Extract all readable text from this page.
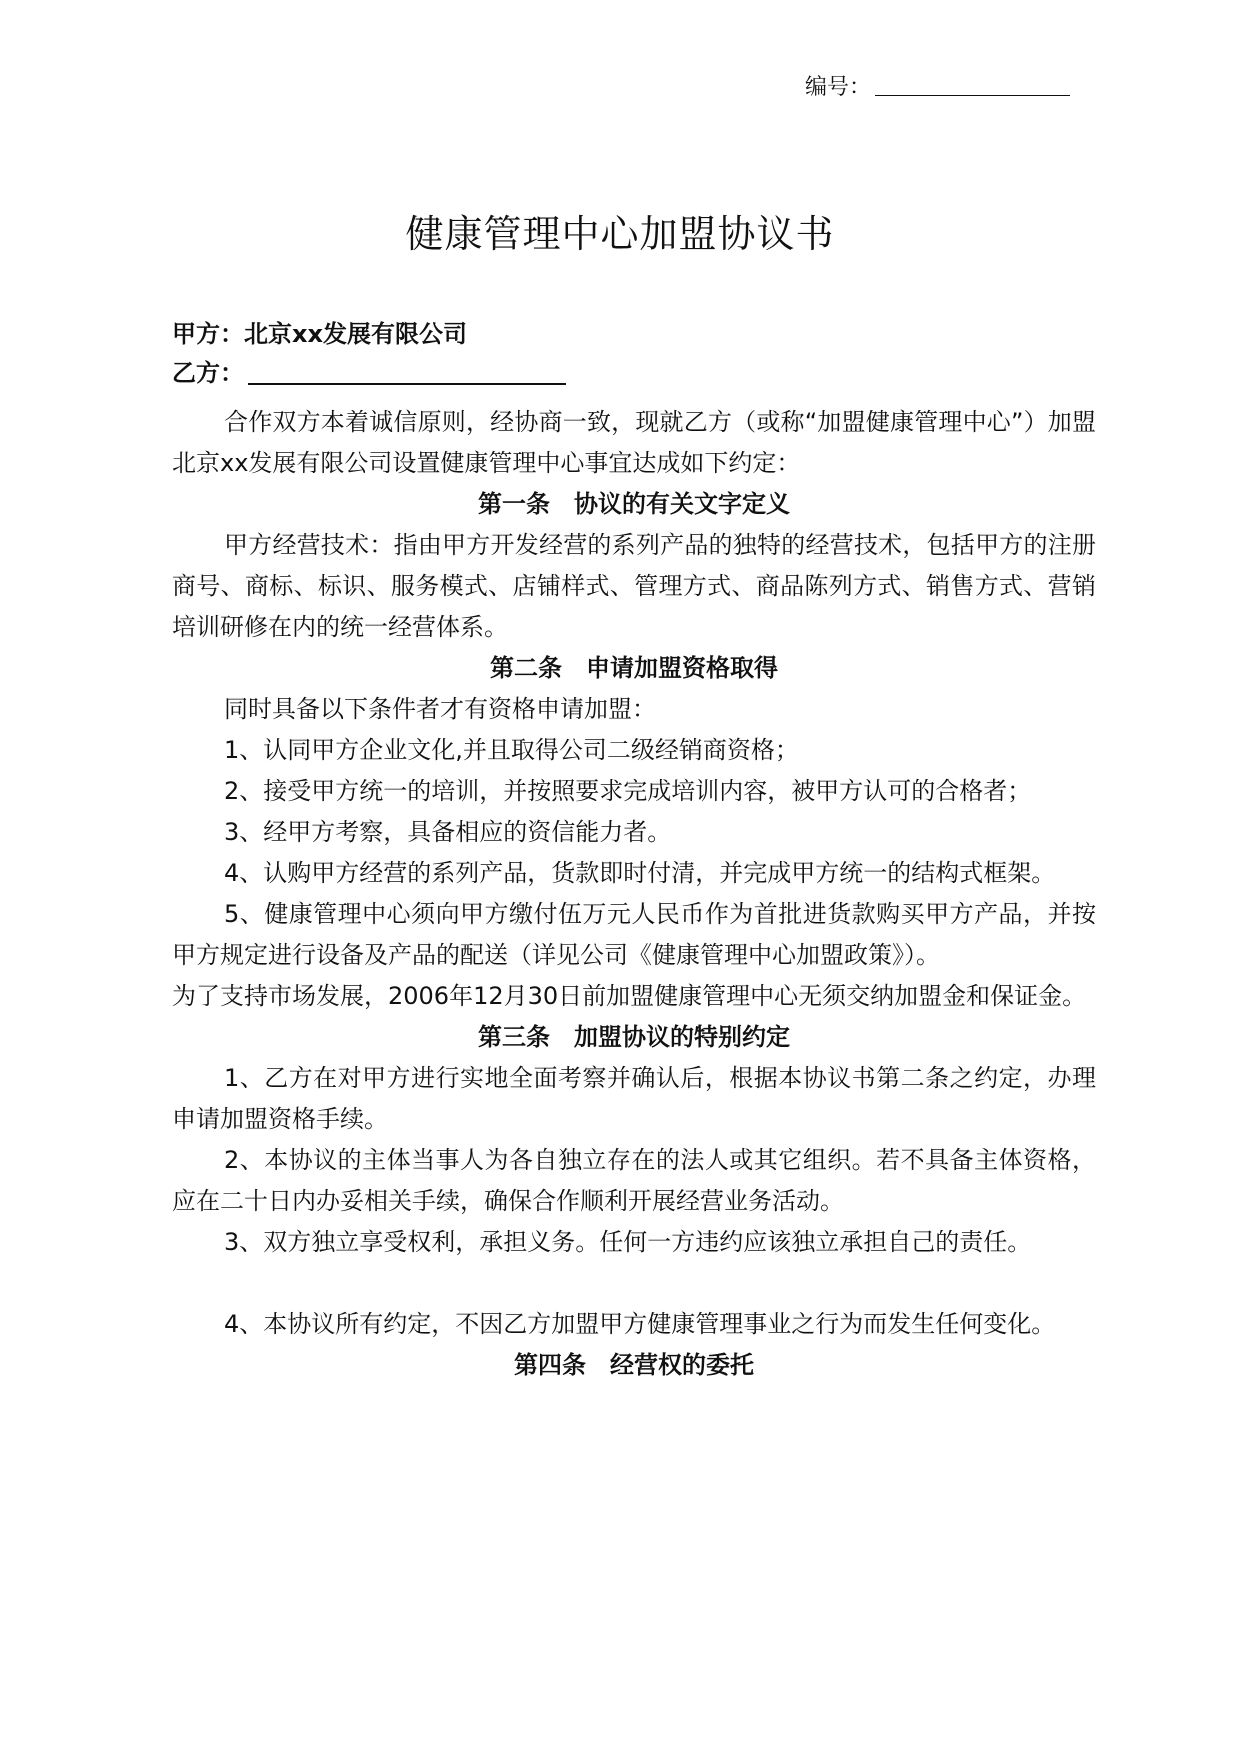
编号：
健康管理中心加盟协议书
甲方：北京xx发展有限公司
乙方：

合作双方本着诚信原则，经协商一致，现就乙方（或称“加盟健康管理中心”）加盟北京xx发展有限公司设置健康管理中心事宜达成如下约定：

第一条　协议的有关文字定义

甲方经营技术：指由甲方开发经营的系列产品的独特的经营技术，包括甲方的注册商号、商标、标识、服务模式、店铺样式、管理方式、商品陈列方式、销售方式、营销培训研修在内的统一经营体系。

第二条　申请加盟资格取得

同时具备以下条件者才有资格申请加盟：

1、认同甲方企业文化,并且取得公司二级经销商资格；

2、接受甲方统一的培训，并按照要求完成培训内容，被甲方认可的合格者；

3、经甲方考察，具备相应的资信能力者。

4、认购甲方经营的系列产品，货款即时付清，并完成甲方统一的结构式框架。

5、健康管理中心须向甲方缴付伍万元人民币作为首批进货款购买甲方产品，并按甲方规定进行设备及产品的配送（详见公司《健康管理中心加盟政策》）。

为了支持市场发展，2006年12月30日前加盟健康管理中心无须交纳加盟金和保证金。

第三条　加盟协议的特别约定

1、乙方在对甲方进行实地全面考察并确认后，根据本协议书第二条之约定，办理申请加盟资格手续。

2、本协议的主体当事人为各自独立存在的法人或其它组织。若不具备主体资格，应在二十日内办妥相关手续，确保合作顺利开展经营业务活动。

3、双方独立享受权利，承担义务。任何一方违约应该独立承担自己的责任。

4、本协议所有约定，不因乙方加盟甲方健康管理事业之行为而发生任何变化。

第四条　经营权的委托
